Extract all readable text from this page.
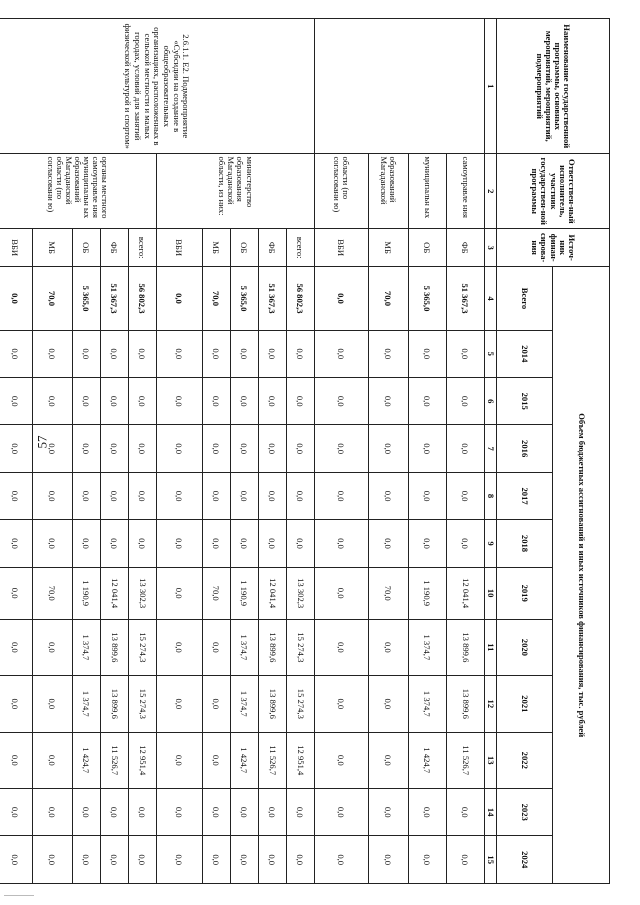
57
Наименование государственной программы, основных мероприятий, мероприятий, подмероприятий	Ответствен-ный исполнитель, участник государствен-ной программы	Источ-ник финан-сирова-ния	Объем бюджетных ассигнований и иных источников финансирования, тыс. рублей											
			Всего	2014	2015	2016	2017	2018	2019	2020	2021	2022	2023	2024
1	2	3	4	5	6	7	8	9	10	11	12	13	14	15
	самоуправле ния	ФБ	51 367,3	0,0	0,0	0,0	0,0	0,0	12 041,4	13 899,6	13 899,6	11 526,7	0,0	0,0
	муниципальн ых	ОБ	5 365,0	0,0	0,0	0,0	0,0	0,0	1 190,9	1 374,7	1 374,7	1 424,7	0,0	0,0
	образований Магаданской	МБ	70,0	0,0	0,0	0,0	0,0	0,0	70,0	0,0	0,0	0,0	0,0	0,0
	области (по согласовани ю)	ВБИ	0,0	0,0	0,0	0,0	0,0	0,0	0,0	0,0	0,0	0,0	0,0	0,0
2.6.1.1. Е2. Подмероприятие «Субсидии на создание в общеобразовательных организациях, расположенных в сельской местности и малых городах, условий для занятий физической культурой и спортом»	министерство образования Магаданской области, из них:	всего:	56 802,3	0,0	0,0	0,0	0,0	0,0	13 302,3	15 274,3	15 274,3	12 951,4	0,0	0,0
		ФБ	51 367,3	0,0	0,0	0,0	0,0	0,0	12 041,4	13 899,6	13 899,6	11 526,7	0,0	0,0
		ОБ	5 365,0	0,0	0,0	0,0	0,0	0,0	1 190,9	1 374,7	1 374,7	1 424,7	0,0	0,0
		МБ	70,0	0,0	0,0	0,0	0,0	0,0	70,0	0,0	0,0	0,0	0,0	0,0
		ВБИ	0,0	0,0	0,0	0,0	0,0	0,0	0,0	0,0	0,0	0,0	0,0	0,0
	органы местного самоуправле ния муниципальн ых образований Магаданской области (по согласовани ю)	всего:	56 802,3	0,0	0,0	0,0	0,0	0,0	13 302,3	15 274,3	15 274,3	12 951,4	0,0	0,0
		ФБ	51 367,3	0,0	0,0	0,0	0,0	0,0	12 041,4	13 899,6	13 899,6	11 526,7	0,0	0,0
		ОБ	5 365,0	0,0	0,0	0,0	0,0	0,0	1 190,9	1 374,7	1 374,7	1 424,7	0,0	0,0
		МБ	70,0	0,0	0,0	0,0	0,0	0,0	70,0	0,0	0,0	0,0	0,0	0,0
		ВБИ	0,0	0,0	0,0	0,0	0,0	0,0	0,0	0,0	0,0	0,0	0,0	0,0
